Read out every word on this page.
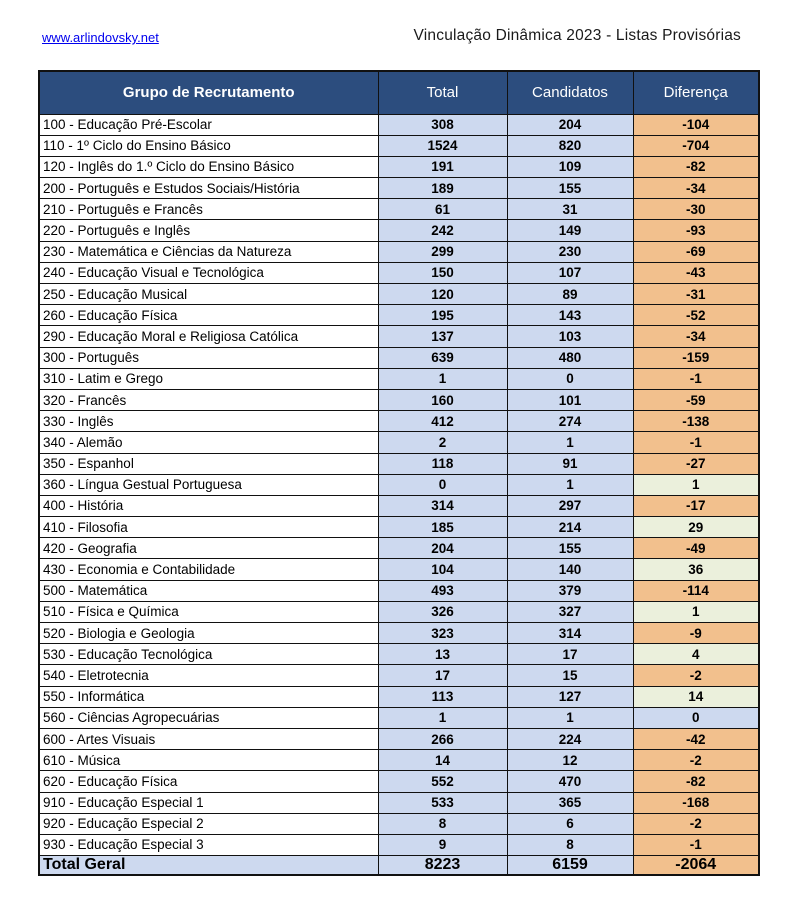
www.arlindovsky.net	Vinculação Dinâmica 2023 - Listas Provisórias
Grupo de Recrutamento	Total	Candidatos	Diferença
100 - Educação Pré-Escolar	308	204	-104
110 - 1º Ciclo do Ensino Básico	1524	820	-704
120 - Inglês do 1.º Ciclo do Ensino Básico	191	109	-82
200 - Português e Estudos Sociais/História	189	155	-34
210 - Português e Francês	61	31	-30
220 - Português e Inglês	242	149	-93
230 - Matemática e Ciências da Natureza	299	230	-69
240 - Educação Visual e Tecnológica	150	107	-43
250 - Educação Musical	120	89	-31
260 - Educação Física	195	143	-52
290 - Educação Moral e Religiosa Católica	137	103	-34
300 - Português	639	480	-159
310 - Latim e Grego	1	0	-1
320 - Francês	160	101	-59
330 - Inglês	412	274	-138
340 - Alemão	2	1	-1
350 - Espanhol	118	91	-27
360 - Língua Gestual Portuguesa	0	1	1
400 - História	314	297	-17
410 - Filosofia	185	214	29
420 - Geografia	204	155	-49
430 - Economia e Contabilidade	104	140	36
500 - Matemática	493	379	-114
510 - Física e Química	326	327	1
520 - Biologia e Geologia	323	314	-9
530 - Educação Tecnológica	13	17	4
540 - Eletrotecnia	17	15	-2
550 - Informática	113	127	14
560 - Ciências Agropecuárias	1	1	0
600 - Artes Visuais	266	224	-42
610 - Música	14	12	-2
620 - Educação Física	552	470	-82
910 - Educação Especial 1	533	365	-168
920 - Educação Especial 2	8	6	-2
930 - Educação Especial 3	9	8	-1
Total Geral	8223	6159	-2064
